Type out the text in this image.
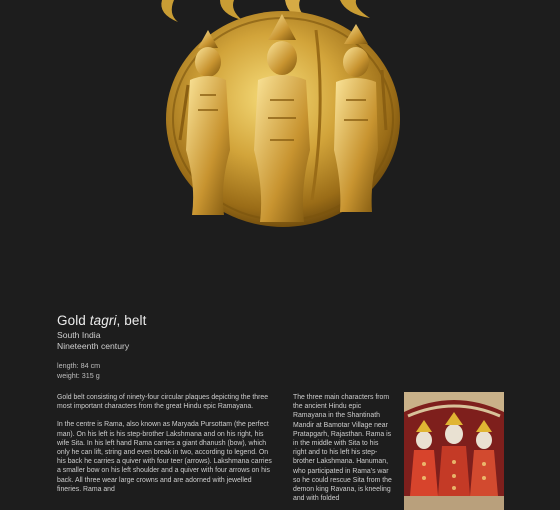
Gold tagri, belt
South India
Nineteenth century
length: 84 cm
weight: 315 g

Gold belt consisting of ninety-four circular plaques depicting the three most important characters from the great Hindu epic Ramayana.

In the centre is Rama, also known as Maryada Pursottam (the perfect man). On his left is his step-brother Lakshmana and on his right, his wife Sita. In his left hand Rama carries a giant dhanush (bow), which only he can lift, string and even break in two, according to legend. On his back he carries a quiver with four teer (arrows). Lakshmana carries a smaller bow on his left shoulder and a quiver with four arrows on his back. All three wear large crowns and are adorned with jewelled fineries. Rama and

The three main characters from the ancient Hindu epic Ramayana in the Shantinath Mandir at Bamotar Village near Pratapgarh, Rajasthan. Rama is in the middle with Sita to his right and to his left his step-brother Lakshmana. Hanuman, who participated in Rama's war so he could rescue Sita from the demon king Ravana, is kneeling and with folded
